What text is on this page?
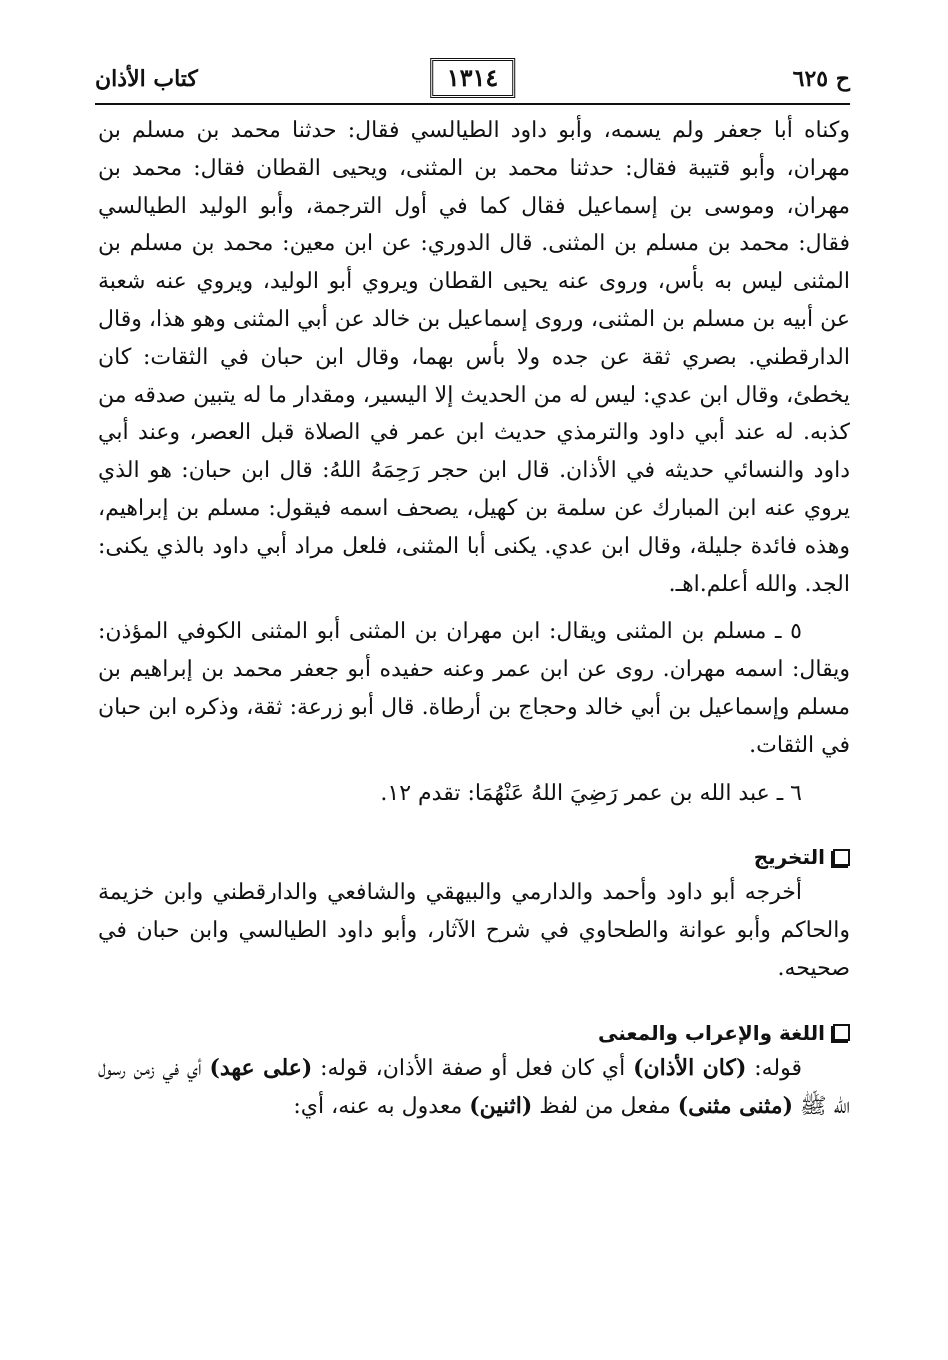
ح ٦٢٥
١٣١٤
كتاب الأذان

وكناه أبا جعفر ولم يسمه، وأبو داود الطيالسي فقال: حدثنا محمد بن مسلم بن مهران، وأبو قتيبة فقال: حدثنا محمد بن المثنى، ويحيى القطان فقال: محمد بن مهران، وموسى بن إسماعيل فقال كما في أول الترجمة، وأبو الوليد الطيالسي فقال: محمد بن مسلم بن المثنى. قال الدوري: عن ابن معين: محمد بن مسلم بن المثنى ليس به بأس، وروى عنه يحيى القطان ويروي أبو الوليد، ويروي عنه شعبة عن أبيه بن مسلم بن المثنى، وروى إسماعيل بن خالد عن أبي المثنى وهو هذا، وقال الدارقطني. بصري ثقة عن جده ولا بأس بهما، وقال ابن حبان في الثقات: كان يخطئ، وقال ابن عدي: ليس له من الحديث إلا اليسير، ومقدار ما له يتبين صدقه من كذبه. له عند أبي داود والترمذي حديث ابن عمر في الصلاة قبل العصر، وعند أبي داود والنسائي حديثه في الأذان. قال ابن حجر رَحِمَهُ اللهُ: قال ابن حبان: هو الذي يروي عنه ابن المبارك عن سلمة بن كهيل، يصحف اسمه فيقول: مسلم بن إبراهيم، وهذه فائدة جليلة، وقال ابن عدي. يكنى أبا المثنى، فلعل مراد أبي داود بالذي يكنى: الجد. والله أعلم.اهـ.

٥ ـ مسلم بن المثنى ويقال: ابن مهران بن المثنى أبو المثنى الكوفي المؤذن: ويقال: اسمه مهران. روى عن ابن عمر وعنه حفيده أبو جعفر محمد بن إبراهيم بن مسلم وإسماعيل بن أبي خالد وحجاج بن أرطاة. قال أبو زرعة: ثقة، وذكره ابن حبان في الثقات.

٦ ـ عبد الله بن عمر رَضِيَ اللهُ عَنْهُمَا: تقدم ١٢.

التخريج

أخرجه أبو داود وأحمد والدارمي والبيهقي والشافعي والدارقطني وابن خزيمة والحاكم وأبو عوانة والطحاوي في شرح الآثار، وأبو داود الطيالسي وابن حبان في صحيحه.

اللغة والإعراب والمعنى

قوله: (كان الأذان) أي كان فعل أو صفة الأذان، قوله: (على عهد) أي في زمن رسول الله ﷺ (مثنى مثنى) مفعل من لفظ (اثنين) معدول به عنه، أي:
